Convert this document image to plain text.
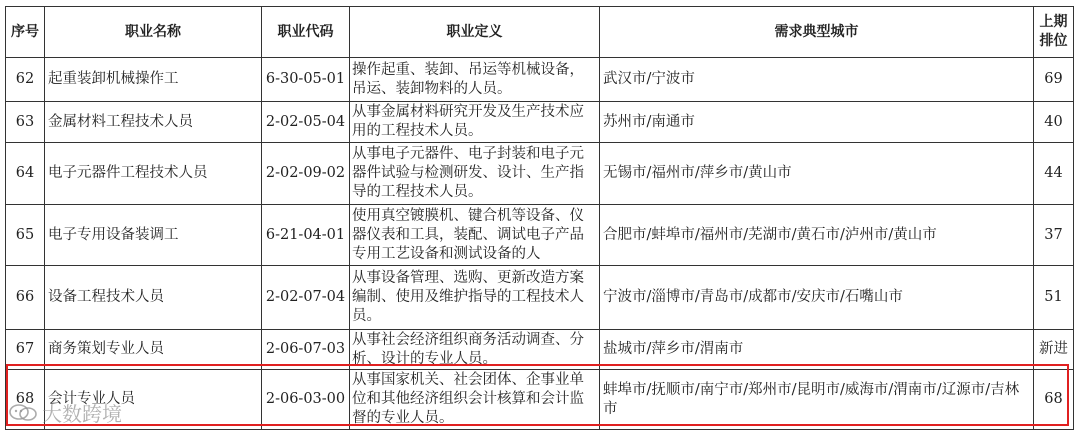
序号	职业名称	职业代码	职业定义	需求典型城市	上期
排位
62	起重装卸机械操作工	6-30-05-01	操作起重、装卸、吊运等机械设备，吊运、装卸物料的人员。	武汉市/宁波市	69
63	金属材料工程技术人员	2-02-05-04	从事金属材料研究开发及生产技术应用的工程技术人员。	苏州市/南通市	40
64	电子元器件工程技术人员	2-02-09-02	从事电子元器件、电子封装和电子元器件试验与检测研发、设计、生产指导的工程技术人员。	无锡市/福州市/萍乡市/黄山市	44
65	电子专用设备装调工	6-21-04-01	使用真空镀膜机、键合机等设备、仪器仪表和工具，装配、调试电子产品专用工艺设备和测试设备的人	合肥市/蚌埠市/福州市/芜湖市/黄石市/泸州市/黄山市	37
66	设备工程技术人员	2-02-07-04	从事设备管理、选购、更新改造方案编制、使用及维护指导的工程技术人员。	宁波市/淄博市/青岛市/成都市/安庆市/石嘴山市	51
67	商务策划专业人员	2-06-07-03	从事社会经济组织商务活动调查、分析、设计的专业人员。	盐城市/萍乡市/渭南市	新进
68	会计专业人员	2-06-03-00	从事国家机关、社会团体、企事业单位和其他经济组织会计核算和会计监督的专业人员。	蚌埠市/抚顺市/南宁市/郑州市/昆明市/威海市/渭南市/辽源市/吉林市	68
大数跨境
